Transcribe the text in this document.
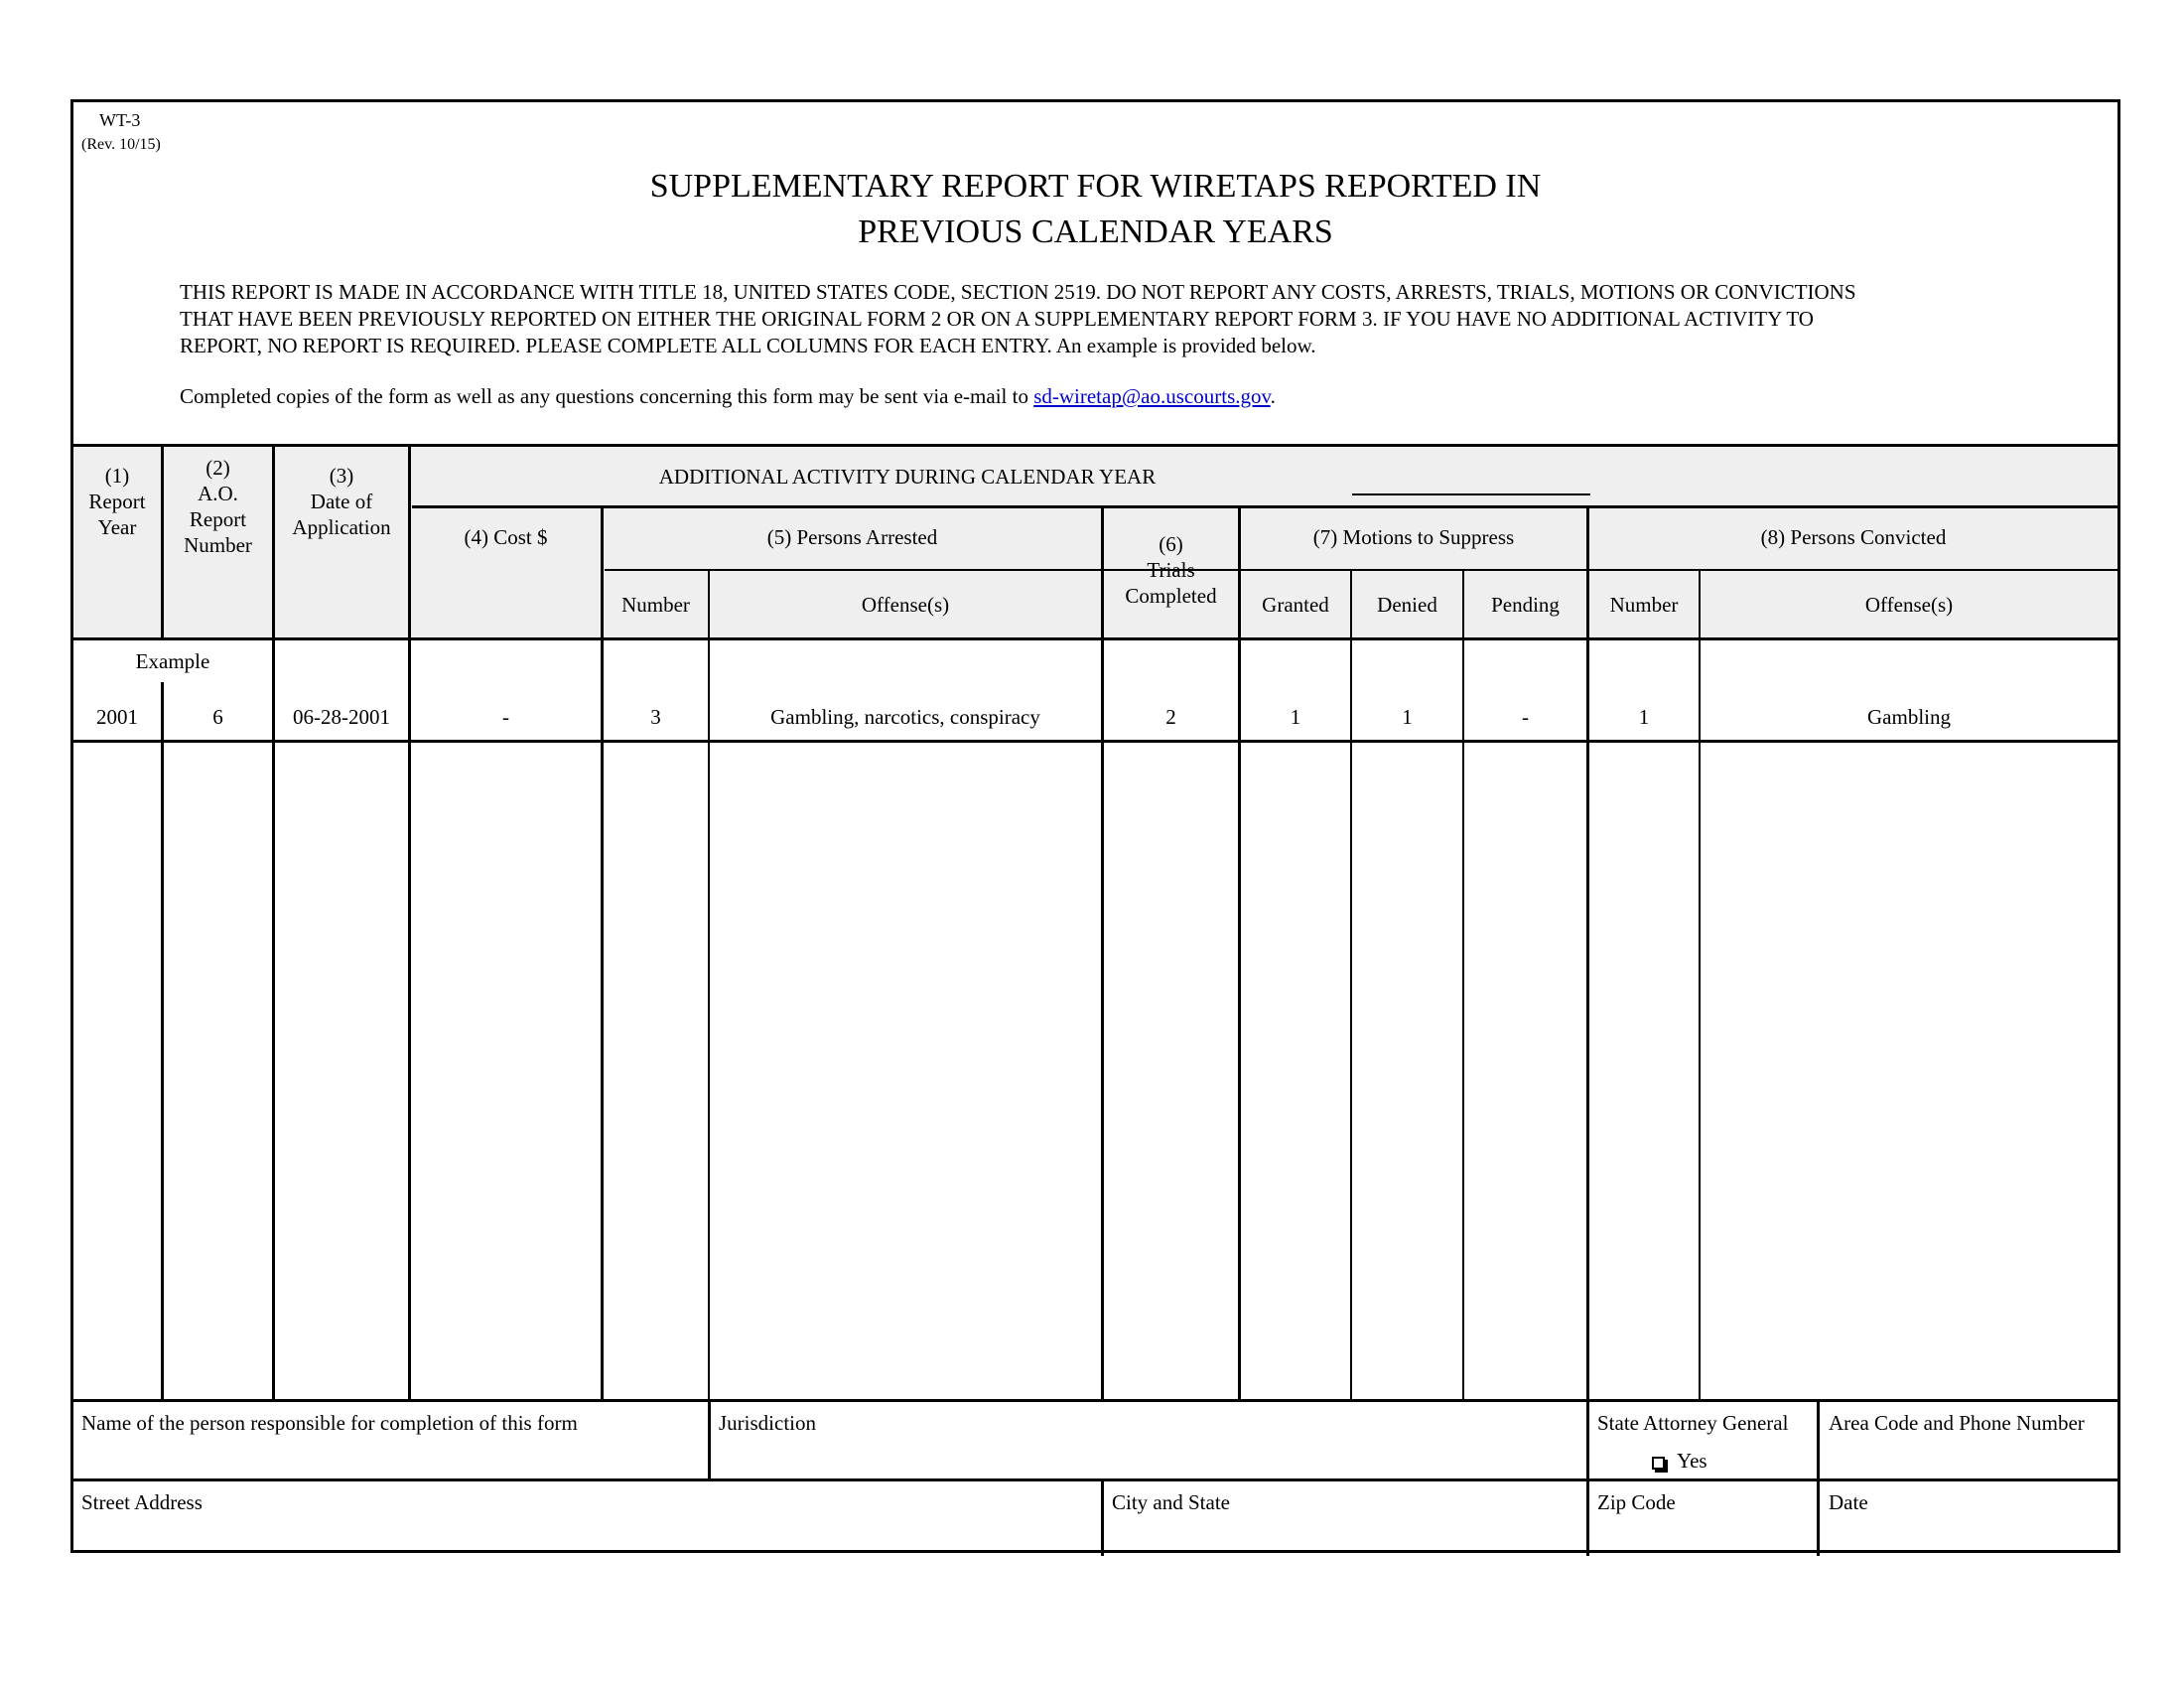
WT-3
(Rev. 10/15)
SUPPLEMENTARY REPORT FOR WIRETAPS REPORTED IN
PREVIOUS CALENDAR YEARS
THIS REPORT IS MADE IN ACCORDANCE WITH TITLE 18, UNITED STATES CODE, SECTION 2519. DO NOT REPORT ANY COSTS, ARRESTS, TRIALS, MOTIONS OR CONVICTIONS
THAT HAVE BEEN PREVIOUSLY REPORTED ON EITHER THE ORIGINAL FORM 2 OR ON A SUPPLEMENTARY REPORT FORM 3. IF YOU HAVE NO ADDITIONAL ACTIVITY TO
REPORT, NO REPORT IS REQUIRED. PLEASE COMPLETE ALL COLUMNS FOR EACH ENTRY. An example is provided below.
Completed copies of the form as well as any questions concerning this form may be sent via e-mail to sd-wiretap@ao.uscourts.gov.
(1)
Report
Year
(2)
A.O.
Report
Number
(3)
Date of
Application
ADDITIONAL ACTIVITY DURING CALENDAR YEAR
(4) Cost $	(5) Persons Arrested
Number	Offense(s)
(6)
Trials
Completed
(7) Motions to Suppress
Granted	Denied	Pending
(8) Persons Convicted
Number	Offense(s)
Example
2001	6	06-28-2001	-	3	Gambling, narcotics, conspiracy	2	1	1	-	1	Gambling
Name of the person responsible for completion of this form	Jurisdiction	State Attorney General
Yes
Area Code and Phone Number
Street Address	City and State	Zip Code	Date
